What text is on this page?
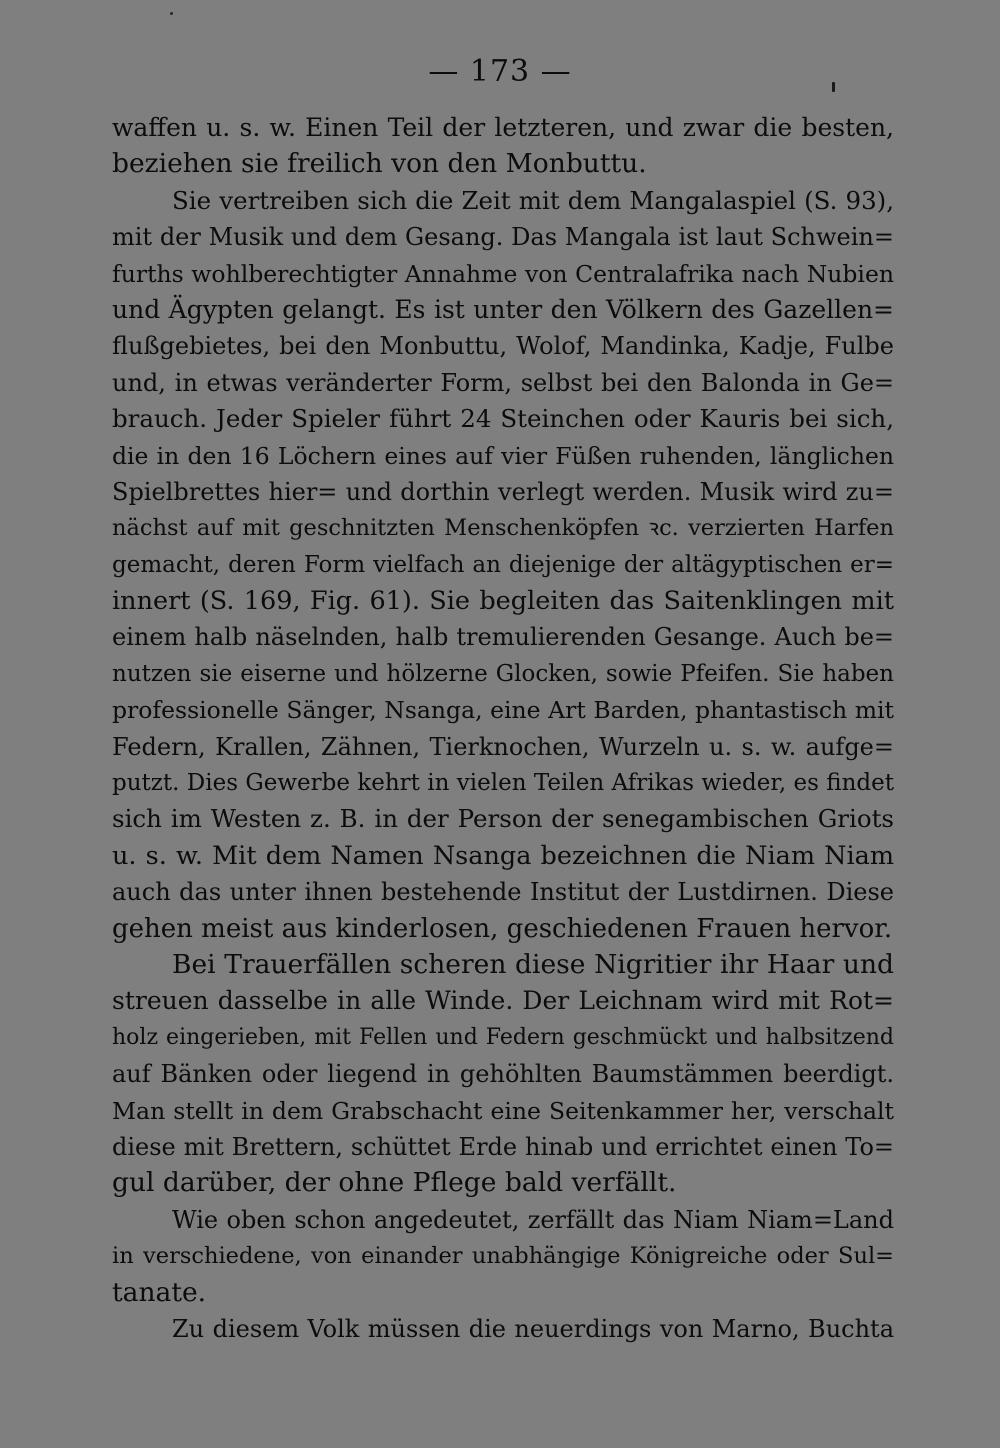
— 173 —
waffen u. s. w. Einen Teil der letzteren, und zwar die besten,
beziehen sie freilich von den Monbuttu.
Sie vertreiben sich die Zeit mit dem Mangalaspiel (S. 93),
mit der Musik und dem Gesang. Das Mangala ist laut Schwein=
furths wohlberechtigter Annahme von Centralafrika nach Nubien
und Ägypten gelangt. Es ist unter den Völkern des Gazellen=
flußgebietes, bei den Monbuttu, Wolof, Mandinka, Kadje, Fulbe
und, in etwas veränderter Form, selbst bei den Balonda in Ge=
brauch. Jeder Spieler führt 24 Steinchen oder Kauris bei sich,
die in den 16 Löchern eines auf vier Füßen ruhenden, länglichen
Spielbrettes hier= und dorthin verlegt werden. Musik wird zu=
nächst auf mit geschnitzten Menschenköpfen ꝛc. verzierten Harfen
gemacht, deren Form vielfach an diejenige der altägyptischen er=
innert (S. 169, Fig. 61). Sie begleiten das Saitenklingen mit
einem halb näselnden, halb tremulierenden Gesange. Auch be=
nutzen sie eiserne und hölzerne Glocken, sowie Pfeifen. Sie haben
professionelle Sänger, Nsanga, eine Art Barden, phantastisch mit
Federn, Krallen, Zähnen, Tierknochen, Wurzeln u. s. w. aufge=
putzt. Dies Gewerbe kehrt in vielen Teilen Afrikas wieder, es findet
sich im Westen z. B. in der Person der senegambischen Griots
u. s. w. Mit dem Namen Nsanga bezeichnen die Niam Niam
auch das unter ihnen bestehende Institut der Lustdirnen. Diese
gehen meist aus kinderlosen, geschiedenen Frauen hervor.
Bei Trauerfällen scheren diese Nigritier ihr Haar und
streuen dasselbe in alle Winde. Der Leichnam wird mit Rot=
holz eingerieben, mit Fellen und Federn geschmückt und halbsitzend
auf Bänken oder liegend in gehöhlten Baumstämmen beerdigt.
Man stellt in dem Grabschacht eine Seitenkammer her, verschalt
diese mit Brettern, schüttet Erde hinab und errichtet einen To=
gul darüber, der ohne Pflege bald verfällt.
Wie oben schon angedeutet, zerfällt das Niam Niam=Land
in verschiedene, von einander unabhängige Königreiche oder Sul=
tanate.
Zu diesem Volk müssen die neuerdings von Marno, Buchta
